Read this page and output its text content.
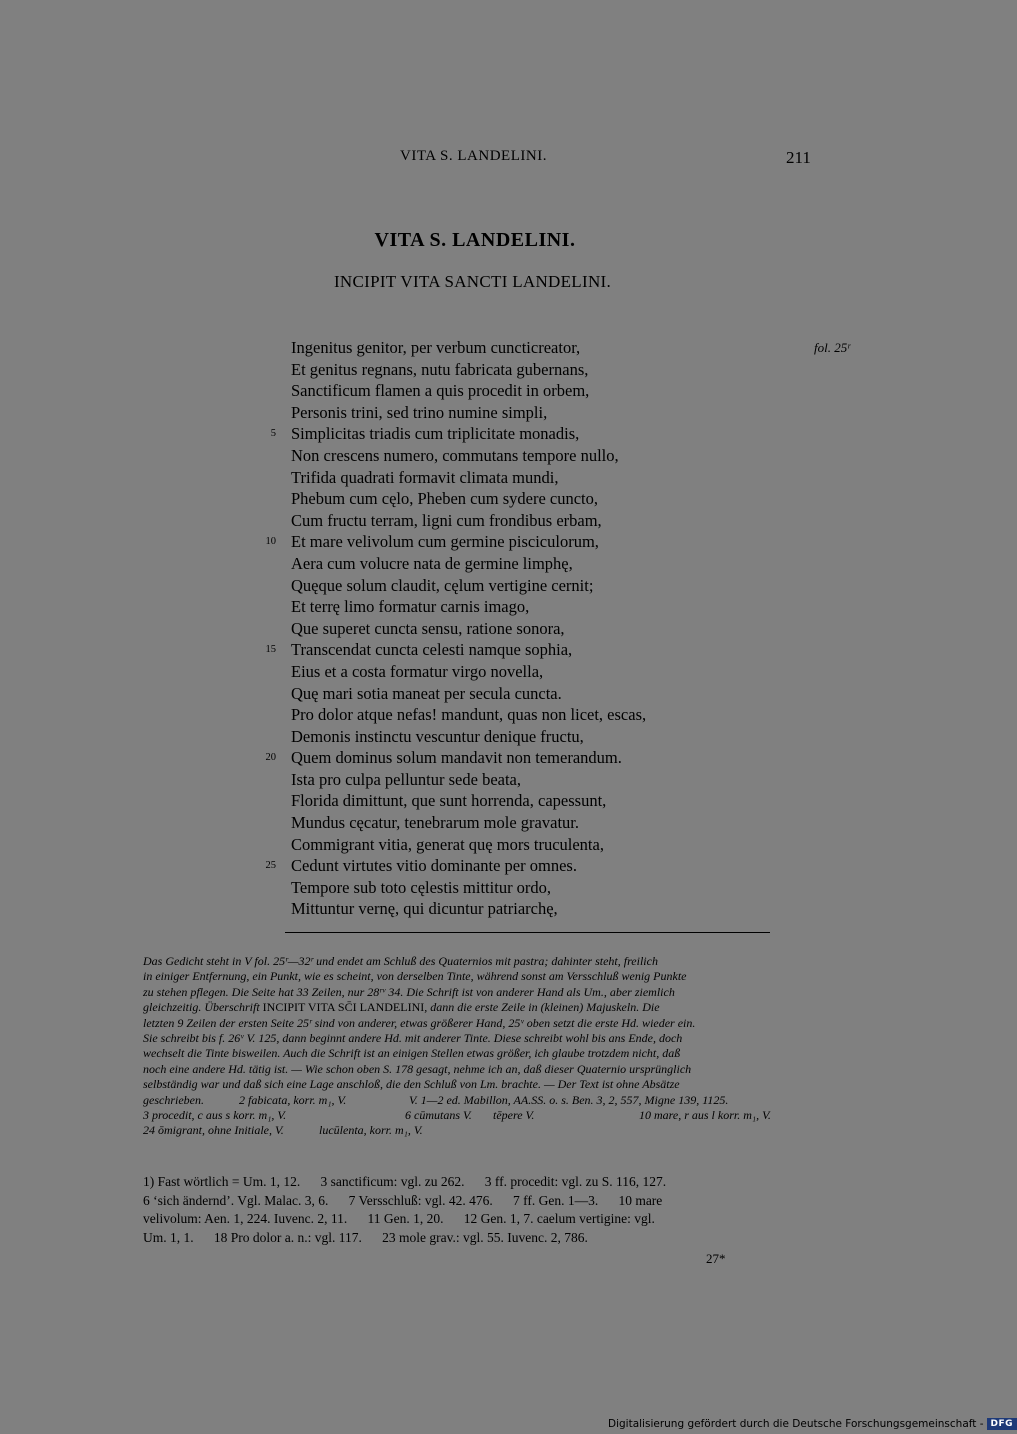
VITA S. LANDELINI.	211
VITA S. LANDELINI.
INCIPIT VITA SANCTI LANDELINI.
fol. 25ʳ
Ingenitus genitor, per verbum cuncticreator,
Et genitus regnans, nutu fabricata gubernans,
Sanctificum flamen a quis procedit in orbem,
Personis trini, sed trino numine simpli,
5 Simplicitas triadis cum triplicitate monadis,
Non crescens numero, commutans tempore nullo,
Trifida quadrati formavit climata mundi,
Phebum cum cęlo, Pheben cum sydere cuncto,
Cum fructu terram, ligni cum frondibus erbam,
10 Et mare velivolum cum germine pisciculorum,
Aera cum volucre nata de germine limphę,
Quęque solum claudit, cęlum vertigine cernit;
Et terrę limo formatur carnis imago,
Que superet cuncta sensu, ratione sonora,
15 Transcendat cuncta celesti namque sophia,
Eius et a costa formatur virgo novella,
Quę mari sotia maneat per secula cuncta.
Pro dolor atque nefas! mandunt, quas non licet, escas,
Demonis instinctu vescuntur denique fructu,
20 Quem dominus solum mandavit non temerandum.
Ista pro culpa pelluntur sede beata,
Florida dimittunt, que sunt horrenda, capessunt,
Mundus cęcatur, tenebrarum mole gravatur.
Commigrant vitia, generat quę mors truculenta,
25 Cedunt virtutes vitio dominante per omnes.
Tempore sub toto cęlestis mittitur ordo,
Mittuntur vernę, qui dicuntur patriarchę,
Das Gedicht steht in V fol. 25ʳ—32ʳ und endet am Schluß des Quaternios mit pastra; dahinter steht, freilich
in einiger Entfernung, ein Punkt, wie es scheint, von derselben Tinte, während sonst am Versschluß wenig Punkte
zu stehen pflegen. Die Seite hat 33 Zeilen, nur 28ʳᵛ 34. Die Schrift ist von anderer Hand als Um., aber ziemlich
gleichzeitig. Überschrift INCIPIT VITA SC̄I LANDELINI, dann die erste Zeile in (kleinen) Majuskeln. Die
letzten 9 Zeilen der ersten Seite 25ʳ sind von anderer, etwas größerer Hand, 25ᵛ oben setzt die erste Hd. wieder ein.
Sie schreibt bis f. 26ᵛ V. 125, dann beginnt andere Hd. mit anderer Tinte. Diese schreibt wohl bis ans Ende, doch
wechselt die Tinte bisweilen. Auch die Schrift ist an einigen Stellen etwas größer, ich glaube trotzdem nicht, daß
noch eine andere Hd. tätig ist. — Wie schon oben S. 178 gesagt, nehme ich an, daß dieser Quaternio ursprünglich
selbständig war und daß sich eine Lage anschloß, die den Schluß von Lm. brachte. — Der Text ist ohne Absätze
geschrieben.	2 fabicata, korr. m₁, V.	V. 1—2 ed. Mabillon, AA.SS. o. s. Ben. 3, 2, 557, Migne 139, 1125.
3 procedit, c aus s korr. m₁, V.	6 cūmutans V. tēpere V.	10 mare, r aus l korr. m₁, V.
24 ōmigrant, ohne Initiale, V.	lucūlenta, korr. m₁, V.
1) Fast wörtlich = Um. 1, 12.      3 sanctificum: vgl. zu 262.      3 ff. procedit: vgl. zu S. 116, 127.
6 ‘sich ändernd’. Vgl. Malac. 3, 6.      7 Versschluß: vgl. 42. 476.      7 ff. Gen. 1—3.      10 mare
velivolum: Aen. 1, 224. Iuvenc. 2, 11.      11 Gen. 1, 20.      12 Gen. 1, 7. caelum vertigine: vgl.
Um. 1, 1.      18 Pro dolor a. n.: vgl. 117.      23 mole grav.: vgl. 55. Iuvenc. 2, 786.
27*
Digitalisierung gefördert durch die Deutsche Forschungsgemeinschaft - DFG
